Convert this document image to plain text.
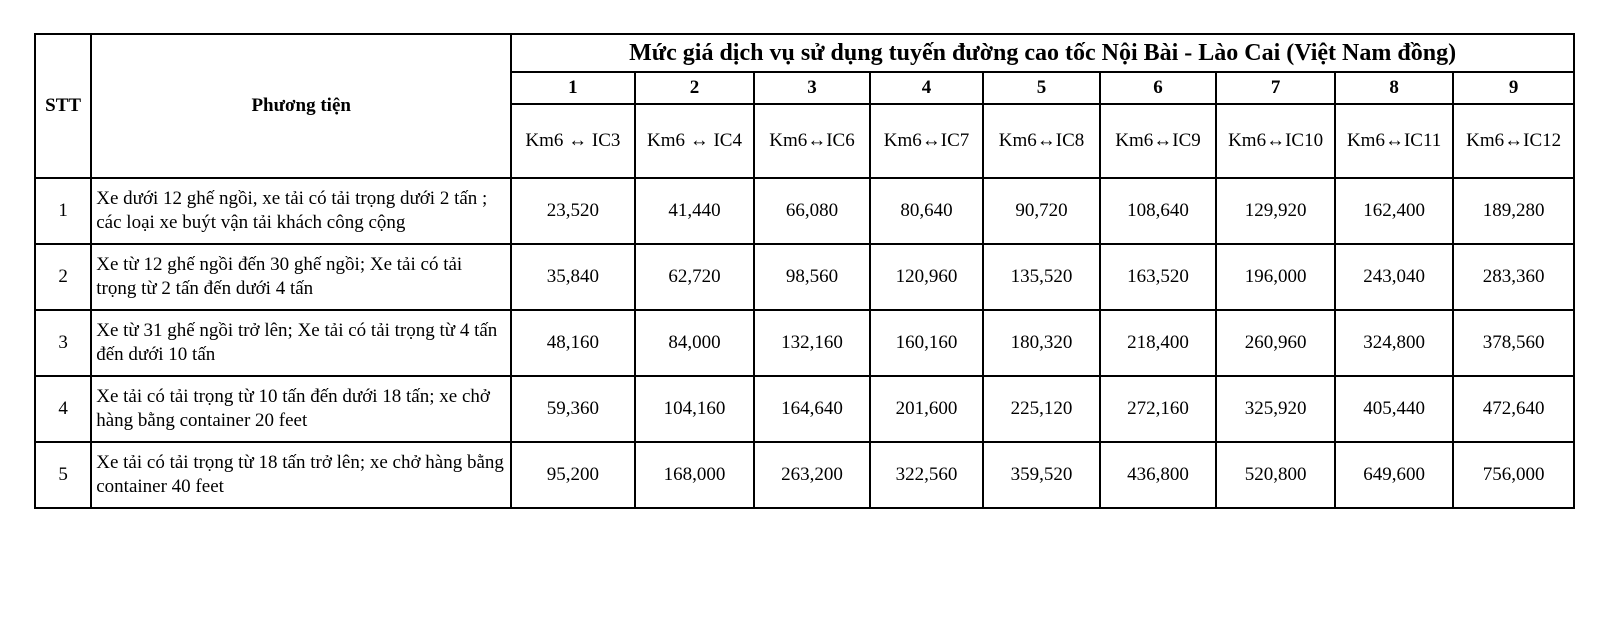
STT	Phương tiện	Mức giá dịch vụ sử dụng tuyến đường cao tốc Nội Bài - Lào Cai (Việt Nam đồng)								
		1	2	3	4	5	6	7	8	9
		Km6 ↔ IC3	Km6 ↔ IC4	Km6↔IC6	Km6↔IC7	Km6↔IC8	Km6↔IC9	Km6↔IC10	Km6↔IC11	Km6↔IC12
1	Xe dưới 12 ghế ngồi, xe tải có tải trọng dưới 2 tấn ; các loại xe buýt vận tải khách công cộng	23,520	41,440	66,080	80,640	90,720	108,640	129,920	162,400	189,280
2	Xe từ 12 ghế ngồi đến 30 ghế ngồi; Xe tải có tải trọng từ 2 tấn đến dưới 4 tấn	35,840	62,720	98,560	120,960	135,520	163,520	196,000	243,040	283,360
3	Xe từ 31 ghế ngồi trở lên; Xe tải có tải trọng từ 4 tấn đến dưới 10 tấn	48,160	84,000	132,160	160,160	180,320	218,400	260,960	324,800	378,560
4	Xe tải có tải trọng từ 10 tấn đến dưới 18 tấn; xe chở hàng bằng container 20 feet	59,360	104,160	164,640	201,600	225,120	272,160	325,920	405,440	472,640
5	Xe tải có tải trọng từ 18 tấn trở lên; xe chở hàng bằng container 40 feet	95,200	168,000	263,200	322,560	359,520	436,800	520,800	649,600	756,000
